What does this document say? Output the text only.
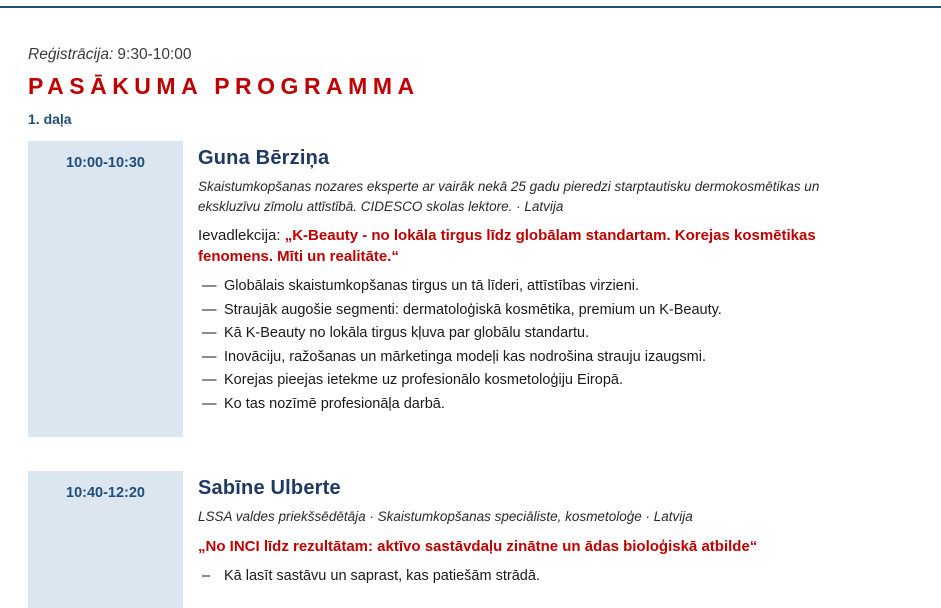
Reģistrācija: 9:30-10:00
PASĀKUMA PROGRAMMA
1. daļa
10:00-10:30	Guna Bērziņa
Skaistumkopšanas nozares eksperte ar vairāk nekā 25 gadu pieredzi starptautisku dermokosmētikas un ekskluzīvu zīmolu attīstībā. CIDESCO skolas lektore. · Latvija
Ievadlekcija: „K-Beauty - no lokāla tirgus līdz globālam standartam. Korejas kosmētikas fenomens. Mīti un realitāte.“
— Globālais skaistumkopšanas tirgus un tā līderi, attīstības virzieni.
— Straujāk augošie segmenti: dermatoloģiskā kosmētika, premium un K-Beauty.
— Kā K-Beauty no lokāla tirgus kļuva par globālu standartu.
— Inovāciju, ražošanas un mārketinga modeļi kas nodrošina strauju izaugsmi.
— Korejas pieejas ietekme uz profesionālo kosmetoloģiju Eiropā.
— Ko tas nozīmē profesionāļa darbā.
10:40-12:20	Sabīne Ulberte
LSSA valdes priekšsēdētāja · Skaistumkopšanas speciāliste, kosmetoloģe · Latvija
„No INCI līdz rezultātam: aktīvo sastāvdaļu zinātne un ādas bioloģiskā atbilde“
– Kā lasīt sastāvu un saprast, kas patiešām strādā.
